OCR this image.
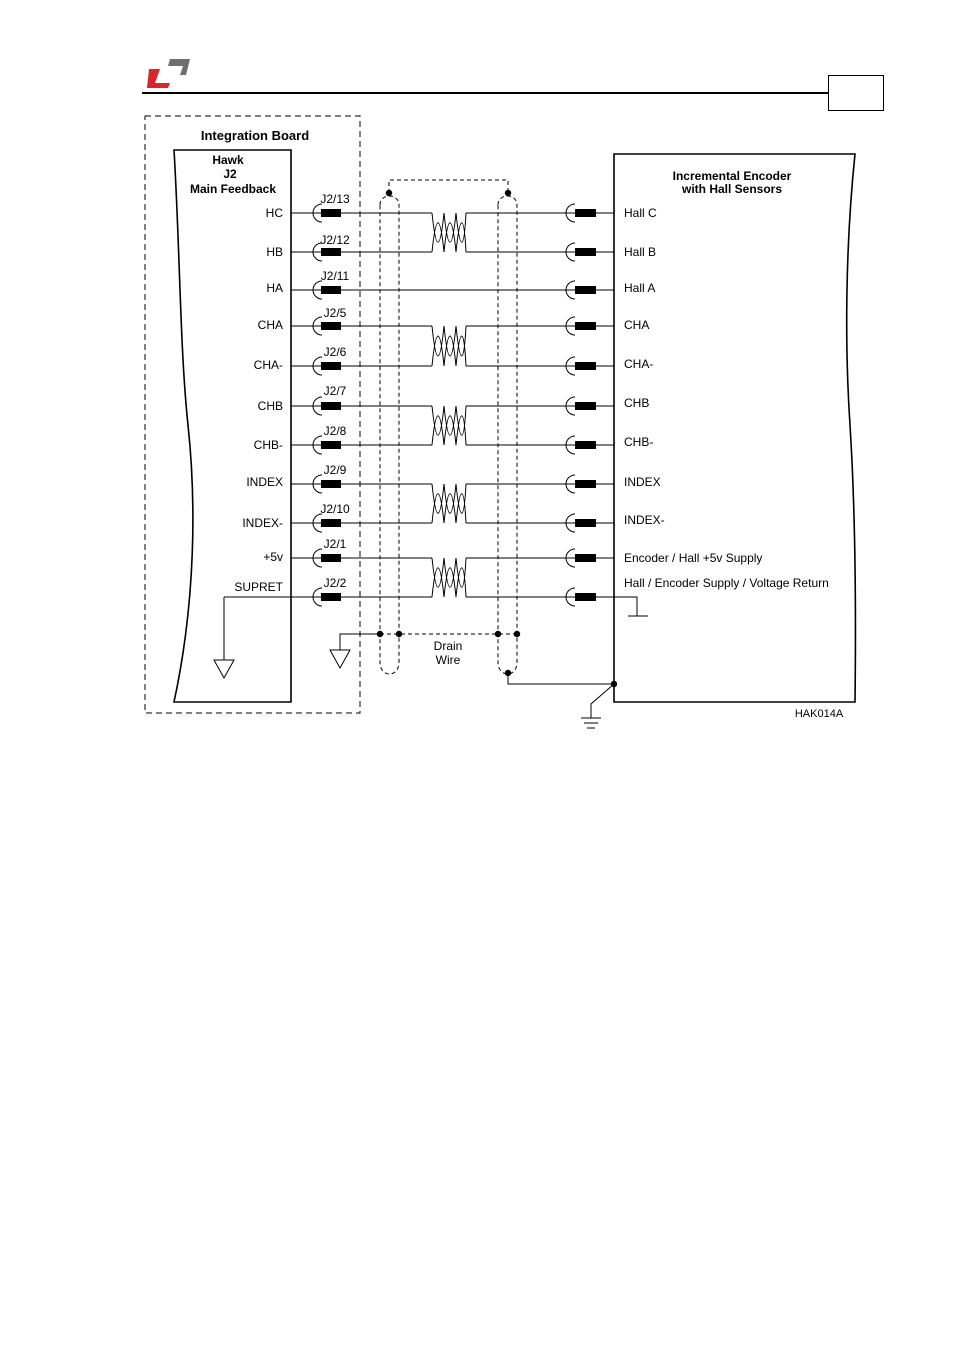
Integration Board
Hawk
J2
Main Feedback
Incremental Encoder
with Hall Sensors
HC
HB
HA
CHA
CHA-
CHB
CHB-
INDEX
INDEX-
+5v
SUPRET
J2/13
J2/12
J2/11
J2/5
J2/6
J2/7
J2/8
J2/9
J2/10
J2/1
J2/2
Hall C
Hall B
Hall A
CHA
CHA-
CHB
CHB-
INDEX
INDEX-
Encoder / Hall +5v Supply
Hall / Encoder Supply / Voltage Return
Drain
Wire
HAK014A
